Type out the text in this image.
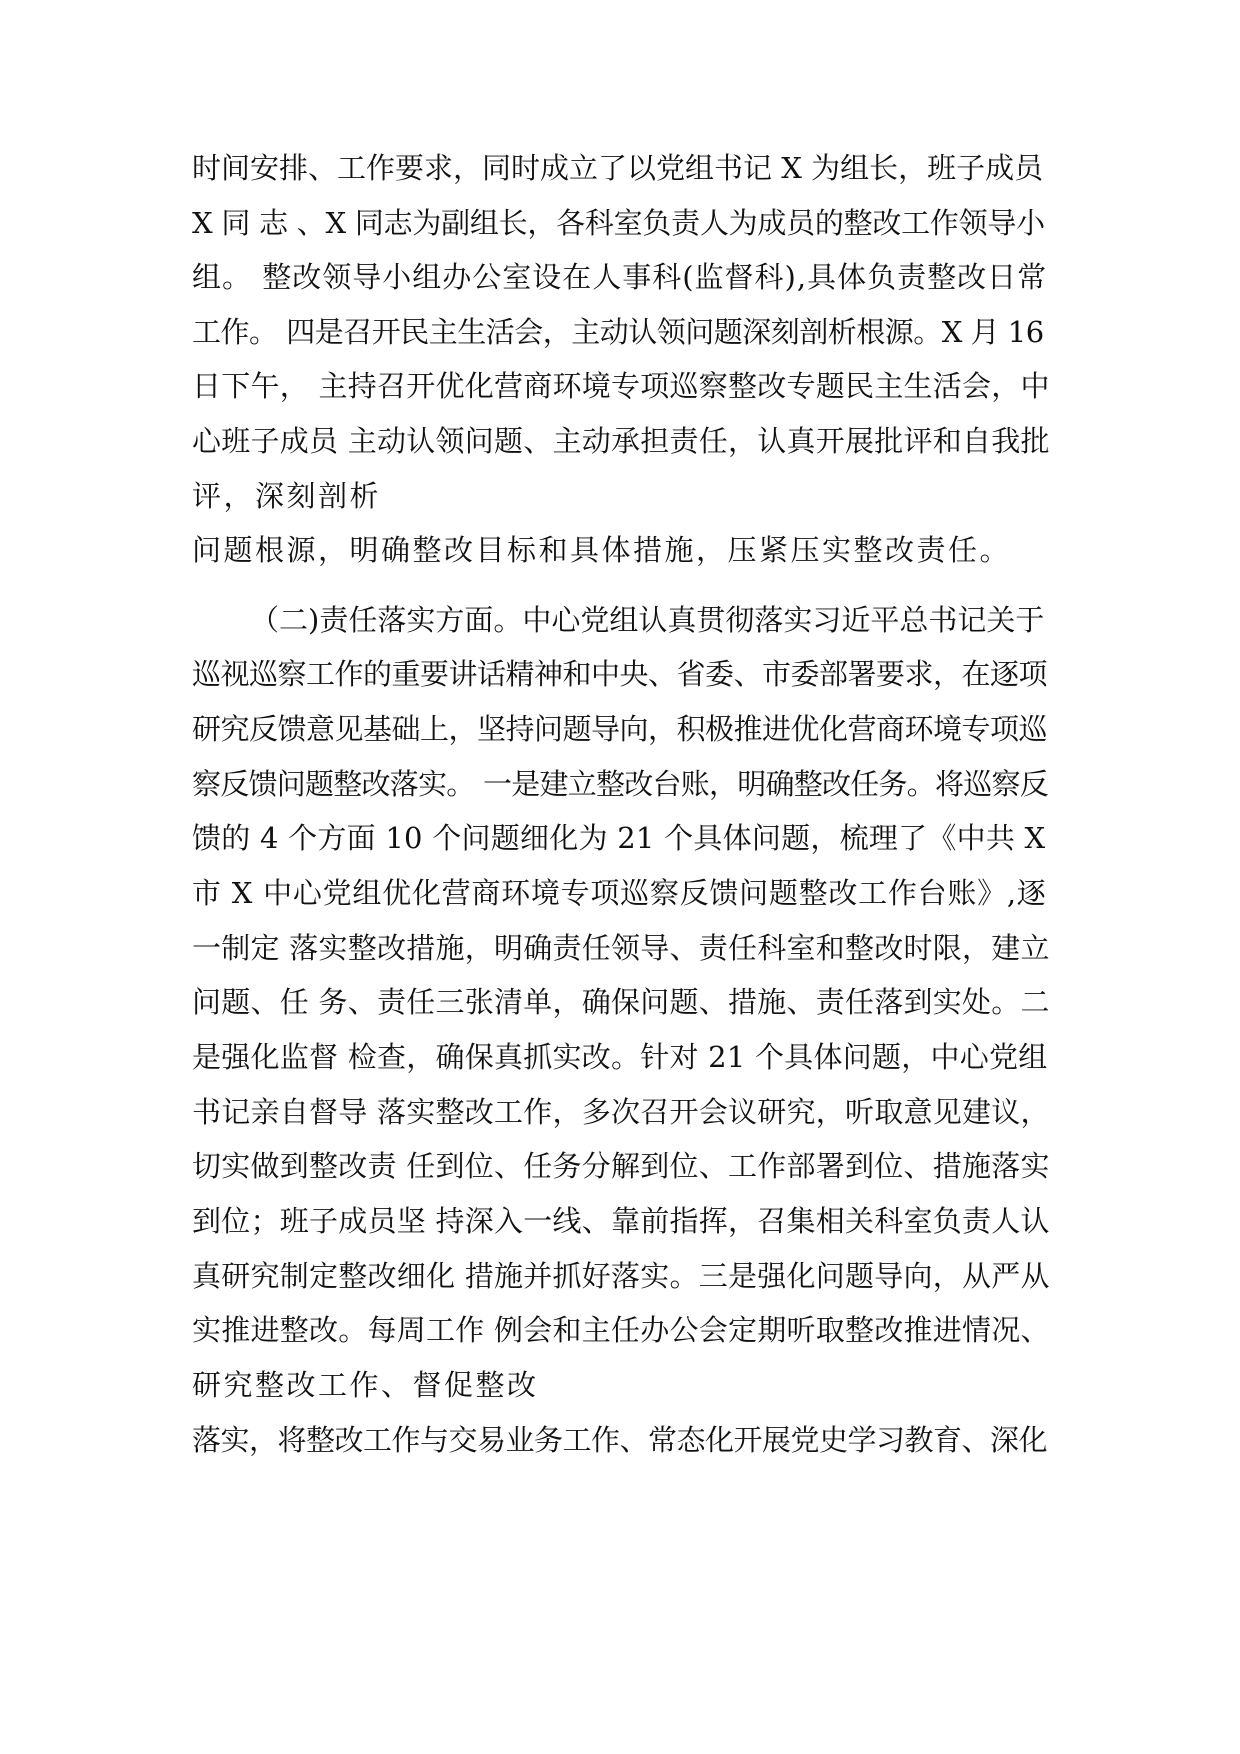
时间安排、工作要求，同时成立了以党组书记 X 为组长，班子成员

X 同 志 、X 同志为副组长，各科室负责人为成员的整改工作领导小

组。 整改领导小组办公室设在人事科(监督科),具体负责整改日常

工作。 四是召开民主生活会，主动认领问题深刻剖析根源。X 月 16

日下午， 主持召开优化营商环境专项巡察整改专题民主生活会，中

心班子成员 主动认领问题、主动承担责任，认真开展批评和自我批

评，深刻剖析

问题根源，明确整改目标和具体措施，压紧压实整改责任。

（二)责任落实方面。中心党组认真贯彻落实习近平总书记关于

巡视巡察工作的重要讲话精神和中央、省委、市委部署要求，在逐项

研究反馈意见基础上，坚持问题导向，积极推进优化营商环境专项巡

察反馈问题整改落实。 一是建立整改台账，明确整改任务。将巡察反

馈的 4 个方面 10 个问题细化为 21 个具体问题，梳理了《中共 X

市 X 中心党组优化营商环境专项巡察反馈问题整改工作台账》,逐

一制定 落实整改措施，明确责任领导、责任科室和整改时限，建立

问题、任 务、责任三张清单，确保问题、措施、责任落到实处。二

是强化监督 检查，确保真抓实改。针对 21 个具体问题，中心党组

书记亲自督导 落实整改工作，多次召开会议研究，听取意见建议，

切实做到整改责 任到位、任务分解到位、工作部署到位、措施落实

到位；班子成员坚 持深入一线、靠前指挥，召集相关科室负责人认

真研究制定整改细化 措施并抓好落实。三是强化问题导向，从严从

实推进整改。每周工作 例会和主任办公会定期听取整改推进情况、

研究整改工作、督促整改

落实，将整改工作与交易业务工作、常态化开展党史学习教育、深化
